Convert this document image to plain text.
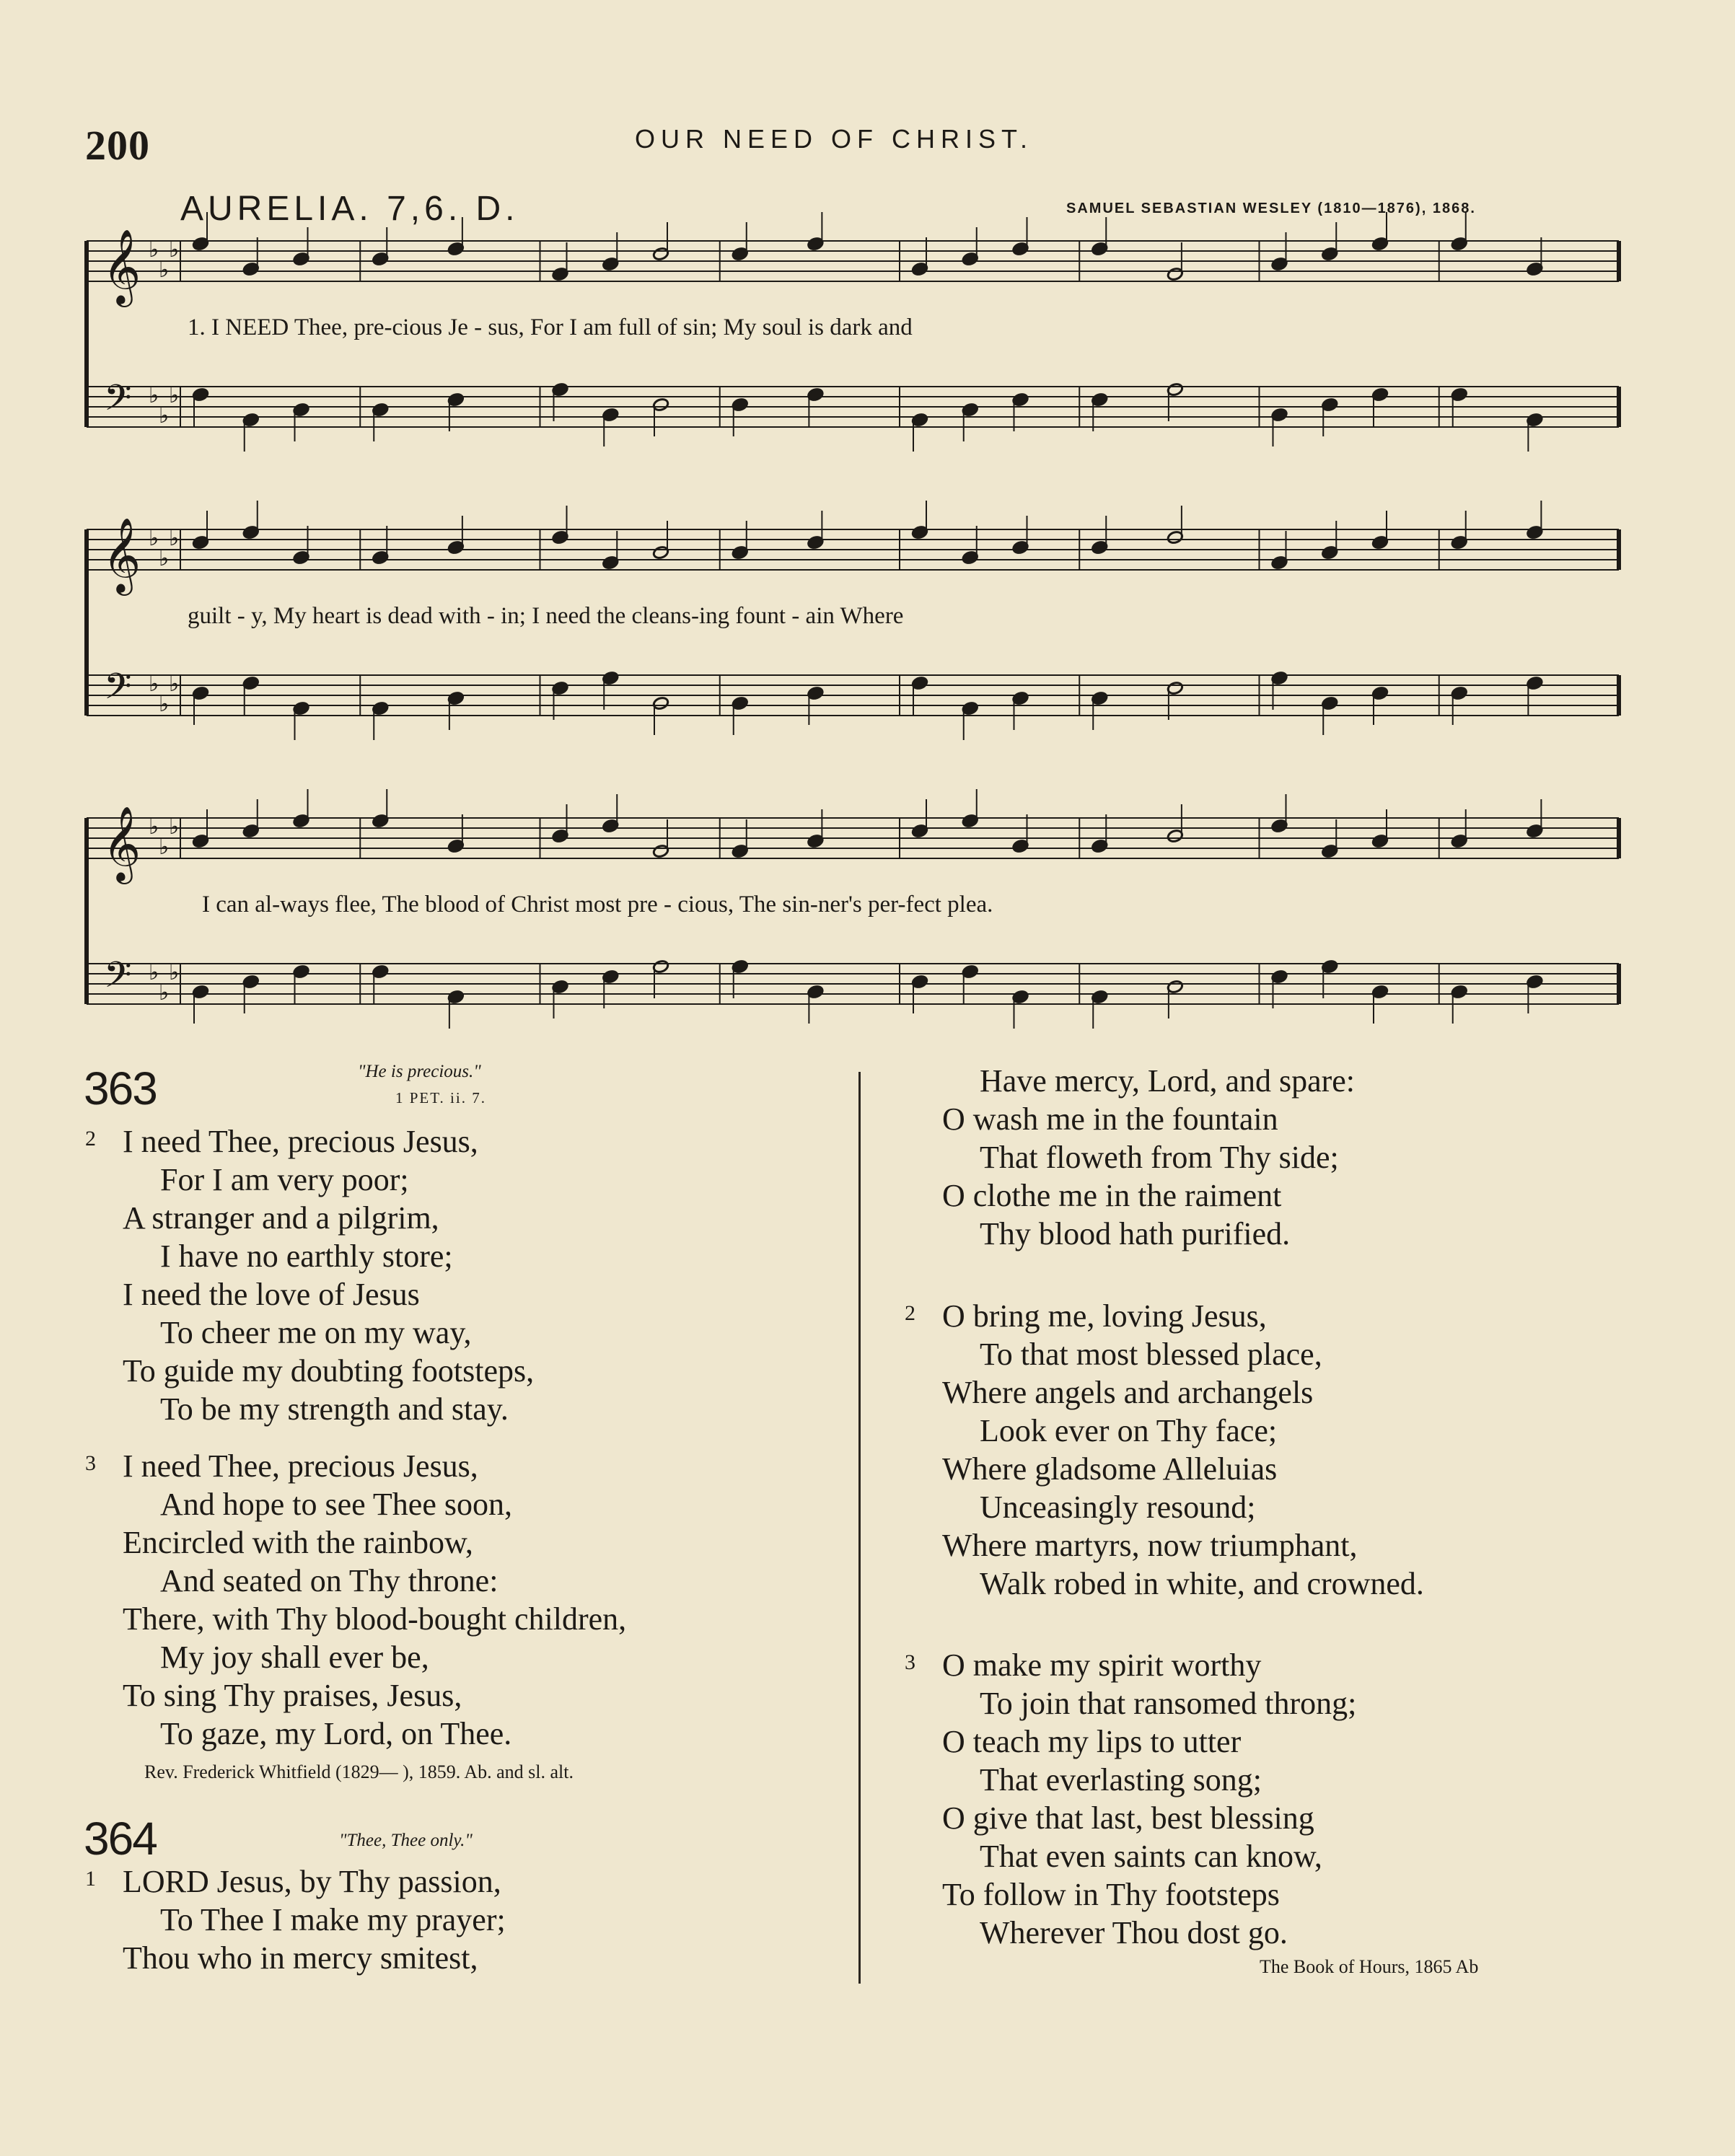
200	OUR NEED OF CHRIST.
AURELIA. 7,6. D.	SAMUEL SEBASTIAN WESLEY (1810—1876), 1868.
𝄞 ♭
♭
♭
𝄢 ♭
♭
♭
𝄞 ♭
♭
♭
𝄢 ♭
♭
♭
𝄞 ♭
♭
♭
𝄢 ♭
♭
♭
1. I NEED Thee, pre-cious Je - sus, For I am full of sin; My soul is dark and
guilt - y, My heart is dead with - in; I need the cleans-ing fount - ain Where
I can al-ways flee, The blood of Christ most pre - cious, The sin-ner's per-fect plea.
363	"He is precious."
1 PET. ii. 7.
2 I need Thee, precious Jesus,
For I am very poor;
A stranger and a pilgrim,
I have no earthly store;
I need the love of Jesus
To cheer me on my way,
To guide my doubting footsteps,
To be my strength and stay.
3 I need Thee, precious Jesus,
And hope to see Thee soon,
Encircled with the rainbow,
And seated on Thy throne:
There, with Thy blood-bought children,
My joy shall ever be,
To sing Thy praises, Jesus,
To gaze, my Lord, on Thee.
Rev. Frederick Whitfield (1829— ), 1859. Ab. and sl. alt.
364	"Thee, Thee only."
1 LORD Jesus, by Thy passion,
To Thee I make my prayer;
Thou who in mercy smitest,
Have mercy, Lord, and spare:
O wash me in the fountain
That floweth from Thy side;
O clothe me in the raiment
Thy blood hath purified.
2 O bring me, loving Jesus,
To that most blessed place,
Where angels and archangels
Look ever on Thy face;
Where gladsome Alleluias
Unceasingly resound;
Where martyrs, now triumphant,
Walk robed in white, and crowned.
3 O make my spirit worthy
To join that ransomed throng;
O teach my lips to utter
That everlasting song;
O give that last, best blessing
That even saints can know,
To follow in Thy footsteps
Wherever Thou dost go.
The Book of Hours, 1865 Ab
